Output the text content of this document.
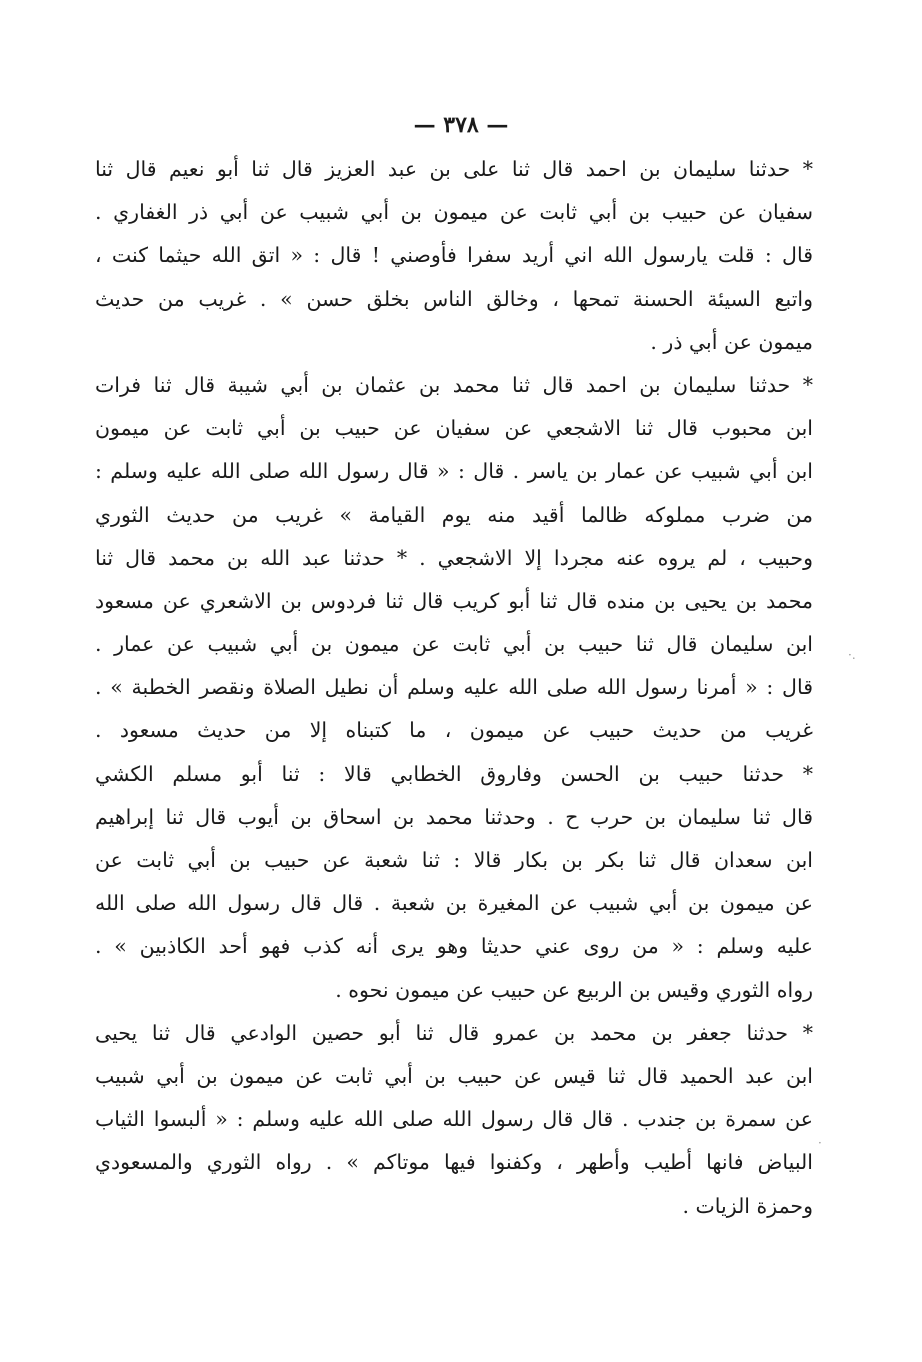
— ٣٧٨ —
* حدثنا سليمان بن احمد قال ثنا على بن عبد العزيز قال ثنا أبو نعيم قال ثنا
سفيان عن حبيب بن أبي ثابت عن ميمون بن أبي شبيب عن أبي ذر الغفاري .
قال : قلت يارسول الله اني أريد سفرا فأوصني ! قال : « اتق الله حيثما كنت ،
واتبع السيئة الحسنة تمحها ، وخالق الناس بخلق حسن » . غريب من حديث
ميمون عن أبي ذر .
* حدثنا سليمان بن احمد قال ثنا محمد بن عثمان بن أبي شيبة قال ثنا فرات
ابن محبوب قال ثنا الاشجعي عن سفيان عن حبيب بن أبي ثابت عن ميمون
ابن أبي شبيب عن عمار بن ياسر . قال : « قال رسول الله صلى الله عليه وسلم :
من ضرب مملوكه ظالما أقيد منه يوم القيامة » غريب من حديث الثوري
وحبيب ، لم يروه عنه مجردا إلا الاشجعي . * حدثنا عبد الله بن محمد قال ثنا
محمد بن يحيى بن منده قال ثنا أبو كريب قال ثنا فردوس بن الاشعري عن مسعود
ابن سليمان قال ثنا حبيب بن أبي ثابت عن ميمون بن أبي شبيب عن عمار .
قال : « أمرنا رسول الله صلى الله عليه وسلم أن نطيل الصلاة ونقصر الخطبة » .
غريب من حديث حبيب عن ميمون ، ما كتبناه إلا من حديث مسعود .
* حدثنا حبيب بن الحسن وفاروق الخطابي قالا : ثنا أبو مسلم الكشي
قال ثنا سليمان بن حرب ح . وحدثنا محمد بن اسحاق بن أيوب قال ثنا إبراهيم
ابن سعدان قال ثنا بكر بن بكار قالا : ثنا شعبة عن حبيب بن أبي ثابت عن
عن ميمون بن أبي شبيب عن المغيرة بن شعبة . قال قال رسول الله صلى الله
عليه وسلم : « من روى عني حديثا وهو يرى أنه كذب فهو أحد الكاذبين » .
رواه الثوري وقيس بن الربيع عن حبيب عن ميمون نحوه .
* حدثنا جعفر بن محمد بن عمرو قال ثنا أبو حصين الوادعي قال ثنا يحيى
ابن عبد الحميد قال ثنا قيس عن حبيب بن أبي ثابت عن ميمون بن أبي شبيب
عن سمرة بن جندب . قال قال رسول الله صلى الله عليه وسلم : « ألبسوا الثياب
البياض فانها أطيب وأطهر ، وكفنوا فيها موتاكم » . رواه الثوري والمسعودي
وحمزة الزيات .
·.
·
